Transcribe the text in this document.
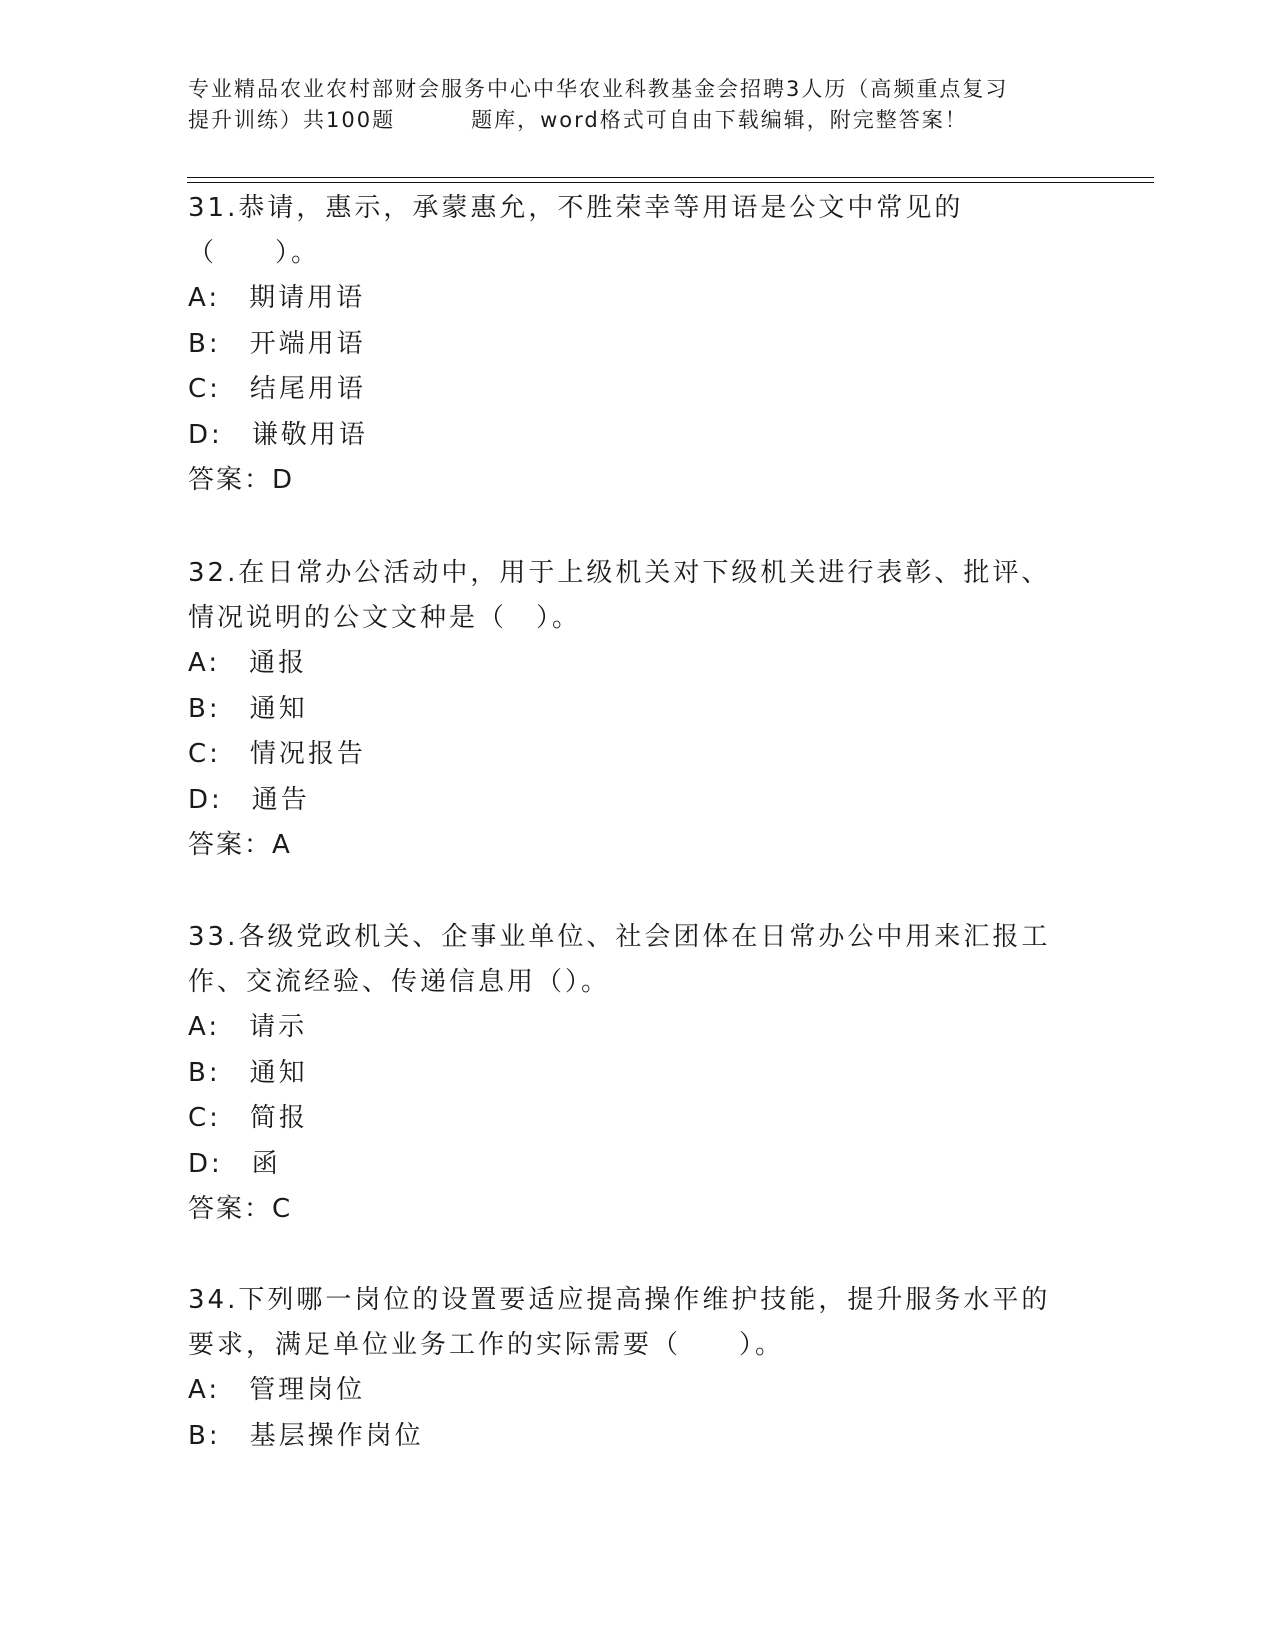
专业精品农业农村部财会服务中心中华农业科教基金会招聘3人历（高频重点复习
提升训练）共100题	题库，word格式可自由下载编辑，附完整答案！

31.恭请，惠示，承蒙惠允，不胜荣幸等用语是公文中常见的（　　）。

A:　期请用语
B:　开端用语
C:　结尾用语
D:　谦敬用语
答案：D

32.在日常办公活动中，用于上级机关对下级机关进行表彰、批评、情况说明的公文文种是（　）。

A:　通报
B:　通知
C:　情况报告
D:　通告
答案：A

33.各级党政机关、企事业单位、社会团体在日常办公中用来汇报工作、交流经验、传递信息用（）。

A:　请示
B:　通知
C:　简报
D:　函
答案：C

34.下列哪一岗位的设置要适应提高操作维护技能，提升服务水平的要求，满足单位业务工作的实际需要（　　）。

A:　管理岗位
B:　基层操作岗位
